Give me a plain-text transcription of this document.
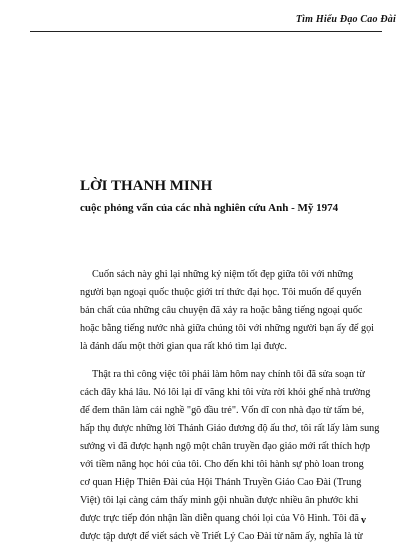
Tìm Hiểu Đạo Cao Đài
LỜI THANH MINH
cuộc phỏng vấn của các nhà nghiên cứu Anh - Mỹ 1974
Cuốn sách này ghi lại những kỷ niệm tốt đẹp giữa tôi với những
người bạn ngoại quốc thuộc giới trí thức đại học. Tôi muốn để quyển
bản chất của những câu chuyện đã xảy ra hoặc bằng tiếng ngoại quốc
hoặc bằng tiếng nước nhà giữa chúng tôi với những người bạn ấy để gọi
là đánh dấu một thời gian qua rất khó tìm lại được.
Thật ra thì công việc tôi phải làm hôm nay chính tôi đã sửa soạn từ
cách đây khá lâu. Nó lôi lại dĩ vãng khi tôi vừa rời khỏi ghế nhà trường
để đem thân làm cái nghề "gõ đầu trẻ". Vốn dĩ con nhà đạo từ tấm bé,
hấp thụ được những lời Thánh Giáo đương độ ấu thơ, tôi rất lấy làm sung
sướng vì đã được hạnh ngộ một chân truyền đạo giáo mới rất thích hợp
với tiềm năng học hỏi của tôi. Cho đến khi tôi hành sự phò loan trong
cơ quan Hiệp Thiên Đài của Hội Thánh Truyền Giáo Cao Đài (Trung
Việt) tôi lại càng cảm thấy mình gội nhuần được nhiều ân phước khi
được trực tiếp đón nhận lần diễn quang chói lọi của Vô Hình. Tôi đã
được tập dượt để viết sách về Triết Lý Cao Đài từ năm ấy, nghĩa là từ
v
